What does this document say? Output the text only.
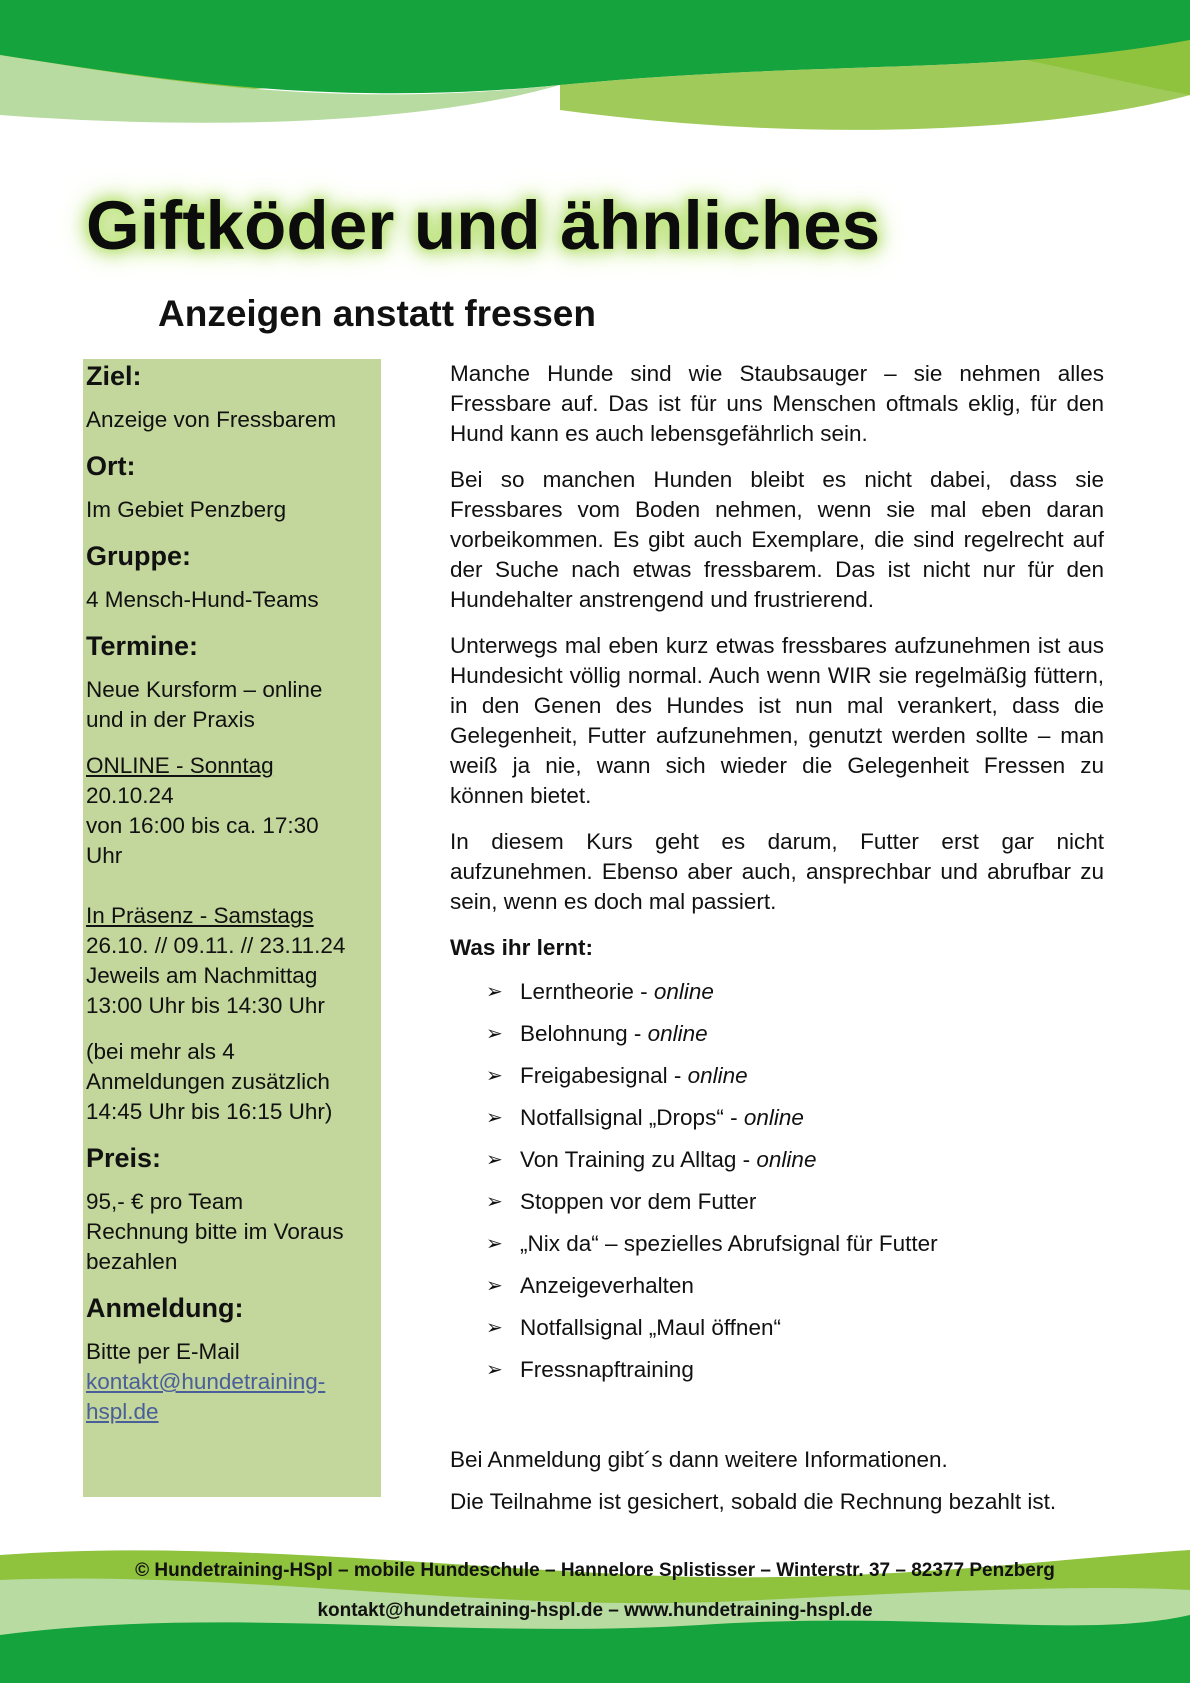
Giftköder und ähnliches
Anzeigen anstatt fressen
Ziel:
Anzeige von Fressbarem
Ort:
Im Gebiet Penzberg
Gruppe:
4 Mensch-Hund-Teams
Termine:
Neue Kursform – online
und in der Praxis
ONLINE - Sonntag
20.10.24
von 16:00 bis ca. 17:30
Uhr
In Präsenz - Samstags
26.10. // 09.11. // 23.11.24
Jeweils am Nachmittag
13:00 Uhr bis 14:30 Uhr
(bei mehr als 4
Anmeldungen zusätzlich
14:45 Uhr bis 16:15 Uhr)
Preis:
95,- € pro Team
Rechnung bitte im Voraus
bezahlen
Anmeldung:
Bitte per E-Mail
kontakt@hundetraining-
hspl.de

Manche Hunde sind wie Staubsauger – sie nehmen alles Fressbare auf. Das ist für uns Menschen oftmals eklig, für den Hund kann es auch lebensgefährlich sein.

Bei so manchen Hunden bleibt es nicht dabei, dass sie Fressbares vom Boden nehmen, wenn sie mal eben daran vorbeikommen. Es gibt auch Exemplare, die sind regelrecht auf der Suche nach etwas fressbarem. Das ist nicht nur für den Hundehalter anstrengend und frustrierend.

Unterwegs mal eben kurz etwas fressbares aufzunehmen ist aus Hundesicht völlig normal. Auch wenn WIR sie regelmäßig füttern, in den Genen des Hundes ist nun mal verankert, dass die Gelegenheit, Futter aufzunehmen, genutzt werden sollte – man weiß ja nie, wann sich wieder die Gelegenheit Fressen zu können bietet.

In diesem Kurs geht es darum, Futter erst gar nicht aufzunehmen. Ebenso aber auch, ansprechbar und abrufbar zu sein, wenn es doch mal passiert.

Was ihr lernt:
➢ Lerntheorie - online
➢ Belohnung - online
➢ Freigabesignal - online
➢ Notfallsignal „Drops“ - online
➢ Von Training zu Alltag - online
➢ Stoppen vor dem Futter
➢ „Nix da“ – spezielles Abrufsignal für Futter
➢ Anzeigeverhalten
➢ Notfallsignal „Maul öffnen“
➢ Fressnapftraining

Bei Anmeldung gibt´s dann weitere Informationen.

Die Teilnahme ist gesichert, sobald die Rechnung bezahlt ist.

© Hundetraining-HSpl – mobile Hundeschule – Hannelore Splistisser – Winterstr. 37 – 82377 Penzberg
kontakt@hundetraining-hspl.de – www.hundetraining-hspl.de
